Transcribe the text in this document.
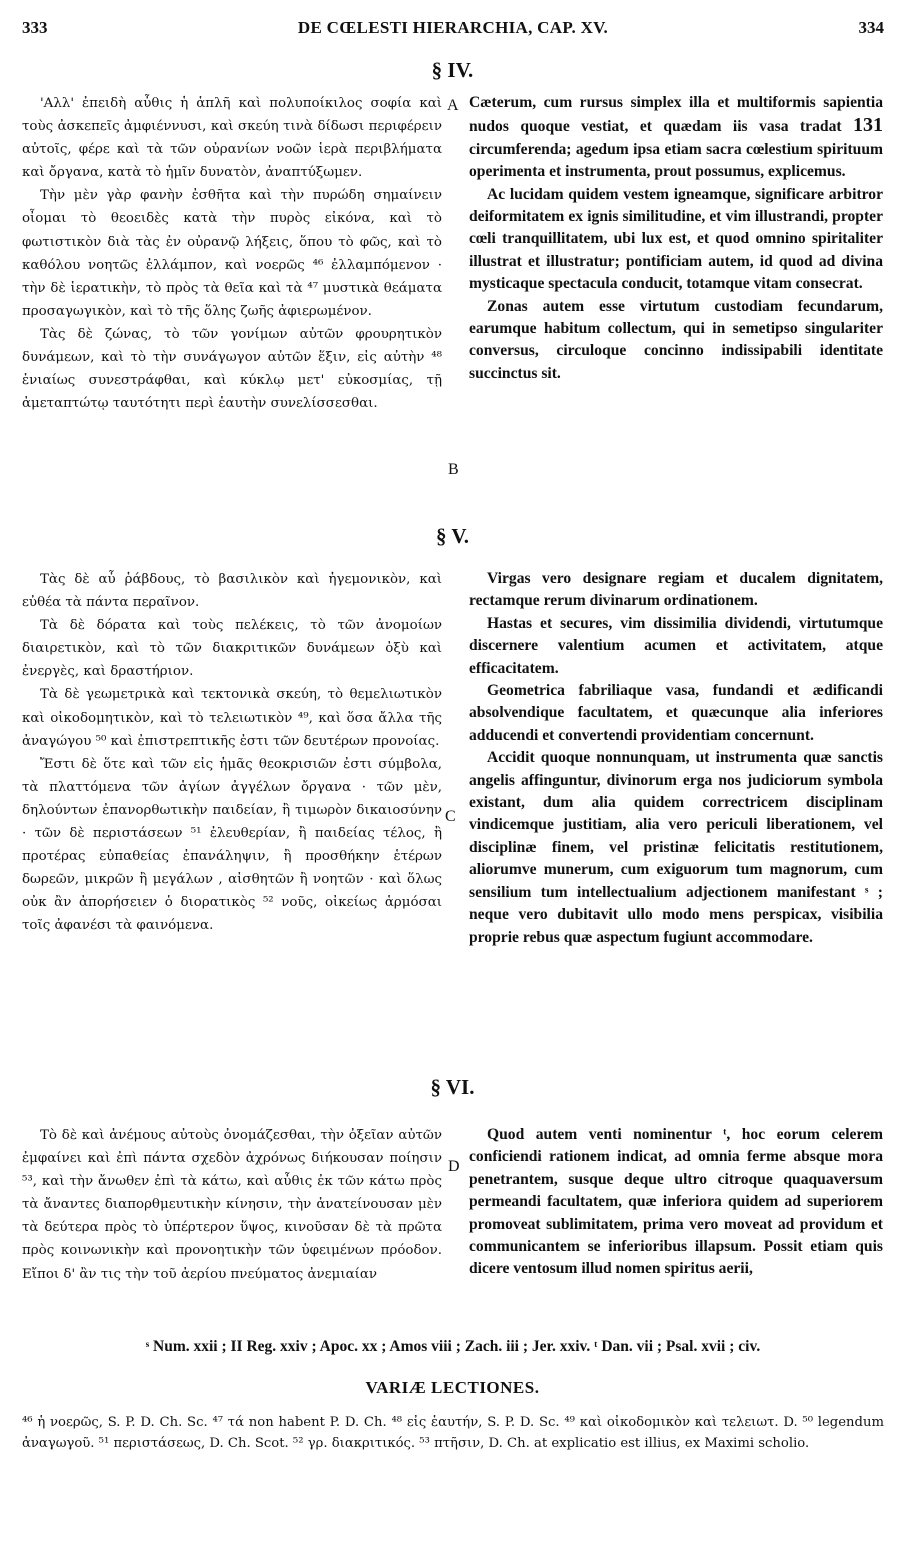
333	DE CŒLESTI HIERARCHIA, CAP. XV.	334
§ IV.

'Αλλ' ἐπειδὴ αὖθις ἡ ἁπλῆ καὶ πολυποίκιλος σοφία καὶ τοὺς ἀσκεπεῖς ἀμφιέννυσι, καὶ σκεύη τινὰ δίδωσι περιφέρειν αὐτοῖς, φέρε καὶ τὰ τῶν οὐρανίων νοῶν ἱερὰ περιβλήματα καὶ ὄργανα, κατὰ τὸ ἡμῖν δυνατὸν, ἀναπτύξωμεν.

Τὴν μὲν γὰρ φανὴν ἐσθῆτα καὶ τὴν πυρώδη σημαίνειν οἶομαι τὸ θεοειδὲς κατὰ τὴν πυρὸς εἰκόνα, καὶ τὸ φωτιστικὸν διὰ τὰς ἐν οὐρανῷ λήξεις, ὅπου τὸ φῶς, καὶ τὸ καθόλου νοητῶς ἐλλάμπον, καὶ νοερῶς ⁴⁶ ἐλλαμπόμενον · τὴν δὲ ἱερατικὴν, τὸ πρὸς τὰ θεῖα καὶ τὰ ⁴⁷ μυστικὰ θεάματα προσαγωγικὸν, καὶ τὸ τῆς ὅλης ζωῆς ἀφιερωμένον.

Τὰς δὲ ζώνας, τὸ τῶν γονίμων αὐτῶν φρουρητικὸν δυνάμεων, καὶ τὸ τὴν συνάγωγον αὐτῶν ἕξιν, εἰς αὐτὴν ⁴⁸ ἑνιαίως συνεστράφθαι, καὶ κύκλῳ μετ' εὐκοσμίας, τῇ ἀμεταπτώτῳ ταυτότητι περὶ ἑαυτὴν συνελίσσεσθαι.

A
B

Cæterum, cum rursus simplex illa et multiformis sapientia nudos quoque vestiat, et quædam iis vasa tradat 131 circumferenda; agedum ipsa etiam sacra cœlestium spirituum operimenta et instrumenta, prout possumus, explicemus.

Ac lucidam quidem vestem igneamque, significare arbitror deiformitatem ex ignis similitudine, et vim illustrandi, propter cœli tranquillitatem, ubi lux est, et quod omnino spiritaliter illustrat et illustratur; pontificiam autem, id quod ad divina mysticaque spectacula conducit, totamque vitam consecrat.

Zonas autem esse virtutum custodiam fecundarum, earumque habitum collectum, qui in semetipso singulariter conversus, circuloque concinno indissipabili identitate succinctus sit.

§ V.

Τὰς δὲ αὖ ῥάβδους, τὸ βασιλικὸν καὶ ἡγεμονικὸν, καὶ εὐθέα τὰ πάντα περαῖνον.

Τὰ δὲ δόρατα καὶ τοὺς πελέκεις, τὸ τῶν ἀνομοίων διαιρετικὸν, καὶ τὸ τῶν διακριτικῶν δυνάμεων ὀξὺ καὶ ἐνεργὲς, καὶ δραστήριον.

Τὰ δὲ γεωμετρικὰ καὶ τεκτονικὰ σκεύη, τὸ θεμελιωτικὸν καὶ οἰκοδομητικὸν, καὶ τὸ τελειωτικὸν ⁴⁹, καὶ ὅσα ἄλλα τῆς ἀναγώγου ⁵⁰ καὶ ἐπιστρεπτικῆς ἐστι τῶν δευτέρων προνοίας.

Ἔστι δὲ ὅτε καὶ τῶν εἰς ἡμᾶς θεοκρισιῶν ἐστι σύμβολα, τὰ πλαττόμενα τῶν ἁγίων ἀγγέλων ὄργανα · τῶν μὲν, δηλούντων ἐπανορθωτικὴν παιδείαν, ἢ τιμωρὸν δικαιοσύνην · τῶν δὲ περιστάσεων ⁵¹ ἐλευθερίαν, ἢ παιδείας τέλος, ἢ προτέρας εὐπαθείας ἐπανάληψιν, ἢ προσθήκην ἑτέρων δωρεῶν, μικρῶν ἢ μεγάλων , αἰσθητῶν ἢ νοητῶν · καὶ ὅλως οὐκ ἂν ἀπορήσειεν ὁ διορατικὸς ⁵² νοῦς, οἰκείως ἁρμόσαι τοῖς ἀφανέσι τὰ φαινόμενα.

C

Virgas vero designare regiam et ducalem dignitatem, rectamque rerum divinarum ordinationem.

Hastas et secures, vim dissimilia dividendi, virtutumque discernere valentium acumen et activitatem, atque efficacitatem.

Geometrica fabriliaque vasa, fundandi et ædificandi absolvendique facultatem, et quæcunque alia inferiores adducendi et convertendi providentiam concernunt.

Accidit quoque nonnunquam, ut instrumenta quæ sanctis angelis affinguntur, divinorum erga nos judiciorum symbola existant, dum alia quidem correctricem disciplinam vindicemque justitiam, alia vero periculi liberationem, vel disciplinæ finem, vel pristinæ felicitatis restitutionem, aliorumve munerum, cum exiguorum tum magnorum, cum sensilium tum intellectualium adjectionem manifestant ˢ ; neque vero dubitavit ullo modo mens perspicax, visibilia proprie rebus quæ aspectum fugiunt accommodare.

§ VI.

Τὸ δὲ καὶ ἀνέμους αὐτοὺς ὀνομάζεσθαι, τὴν ὀξεῖαν αὐτῶν ἐμφαίνει καὶ ἐπὶ πάντα σχεδὸν ἀχρόνως διήκουσαν ποίησιν ⁵³, καὶ τὴν ἄνωθεν ἐπὶ τὰ κάτω, καὶ αὖθις ἐκ τῶν κάτω πρὸς τὰ ἄναντες διαπορθμευτικὴν κίνησιν, τὴν ἀνατείνουσαν μὲν τὰ δεύτερα πρὸς τὸ ὑπέρτερον ὕψος, κινοῦσαν δὲ τὰ πρῶτα πρὸς κοινωνικὴν καὶ προνοητικὴν τῶν ὑφειμένων πρόοδον. Εἴποι δ' ἂν τις τὴν τοῦ ἀερίου πνεύματος ἀνεμιαίαν

D

Quod autem venti nominentur ᵗ, hoc eorum celerem conficiendi rationem indicat, ad omnia ferme absque mora penetrantem, susque deque ultro citroque quaquaversum permeandi facultatem, quæ inferiora quidem ad superiorem promoveat sublimitatem, prima vero moveat ad providum et communicantem se inferioribus illapsum. Possit etiam quis dicere ventosum illud nomen spiritus aerii,

ˢ Num. xxii ; II Reg. xxiv ; Apoc. xx ; Amos viii ; Zach. iii ; Jer. xxiv. ᵗ Dan. vii ; Psal. xvii ; civ.
VARIÆ LECTIONES.
⁴⁶ ἡ νοερῶς, S. P. D. Ch. Sc. ⁴⁷ τά non habent P. D. Ch. ⁴⁸ εἰς ἑαυτήν, S. P. D. Sc. ⁴⁹ καὶ οἰκοδομικὸν καὶ τελειωτ. D. ⁵⁰ legendum ἀναγωγοῦ. ⁵¹ περιστάσεως, D. Ch. Scot. ⁵² γρ. διακριτικός. ⁵³ πτῆσιν, D. Ch. at explicatio est illius, ex Maximi scholio.
